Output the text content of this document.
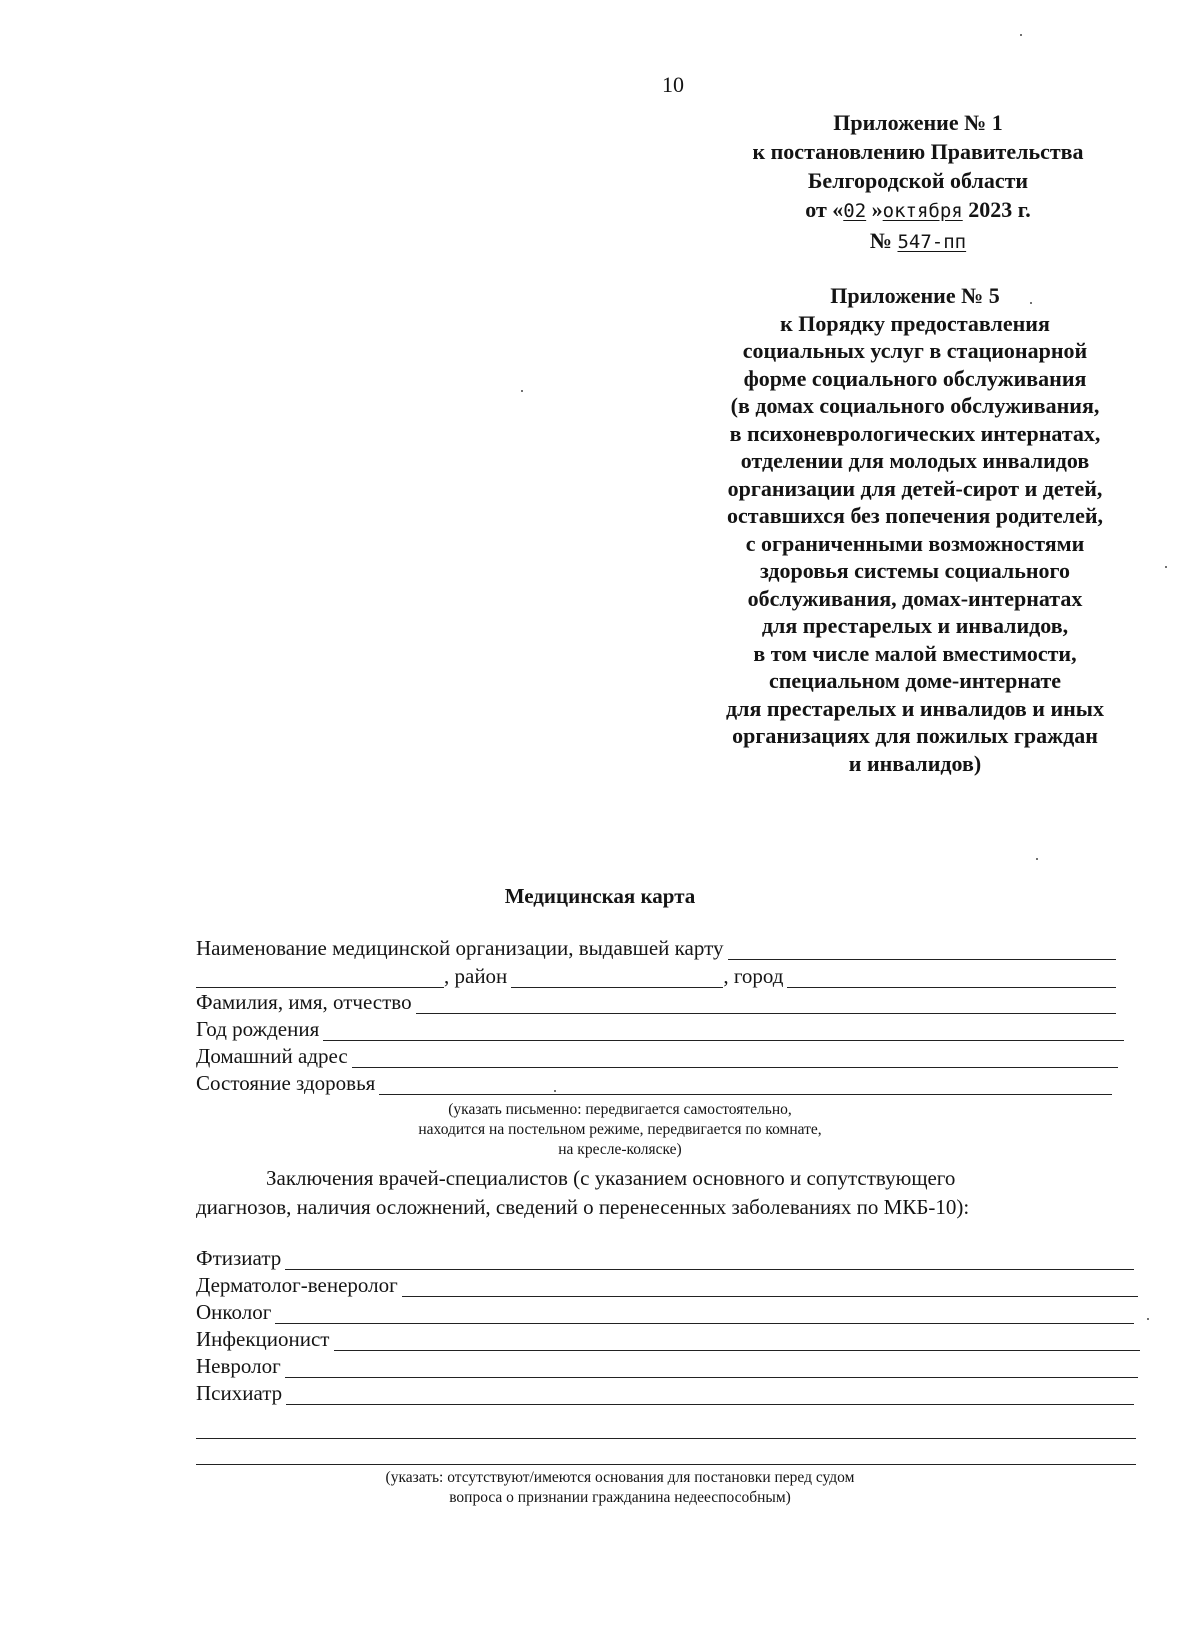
10
Приложение № 1
к постановлению Правительства
Белгородской области
от «02 »октября 2023 г.
№ 547-пп
Приложение № 5
к Порядку предоставления
социальных услуг в стационарной
форме социального обслуживания
(в домах социального обслуживания,
в психоневрологических интернатах,
отделении для молодых инвалидов
организации для детей-сирот и детей,
оставшихся без попечения родителей,
с ограниченными возможностями
здоровья системы социального
обслуживания, домах-интернатах
для престарелых и инвалидов,
в том числе малой вместимости,
специальном доме-интернате
для престарелых и инвалидов и иных
организациях для пожилых граждан
и инвалидов)
Медицинская карта
Наименование медицинской организации, выдавшей карту
, район	, город
Фамилия, имя, отчество
Год рождения
Домашний адрес
Состояние здоровья
(указать письменно: передвигается самостоятельно,
находится на постельном режиме, передвигается по комнате,
на кресле-коляске)
Заключения врачей-специалистов (с указанием основного и сопутствующего
диагнозов, наличия осложнений, сведений о перенесенных заболеваниях по МКБ-10):
Фтизиатр
Дерматолог-венеролог
Онколог
Инфекционист
Невролог
Психиатр
(указать: отсутствуют/имеются основания для постановки перед судом
вопроса о признании гражданина недееспособным)
